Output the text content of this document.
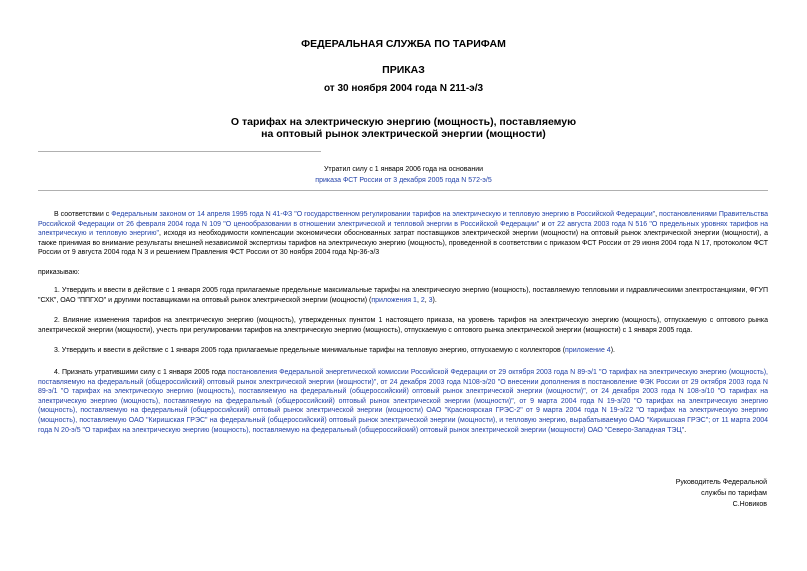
ФЕДЕРАЛЬНАЯ СЛУЖБА ПО ТАРИФАМ
ПРИКАЗ
от 30 ноября 2004 года N 211-э/3
О тарифах на электрическую энергию (мощность), поставляемую
на оптовый рынок электрической энергии (мощности)
Утратил силу с 1 января 2006 года на основании
приказа ФСТ России от 3 декабря 2005 года N 572-э/5
В соответствии с Федеральным законом от 14 апреля 1995 года N 41-ФЗ "О государственном регулировании тарифов на электрическую и тепловую энергию в Российской Федерации", постановлениями Правительства Российской Федерации от 26 февраля 2004 года N 109 "О ценообразовании в отношении электрической и тепловой энергии в Российской Федерации" и от 22 августа 2003 года N 516 "О предельных уровнях тарифов на электрическую и тепловую энергию", исходя из необходимости компенсации экономически обоснованных затрат поставщиков электрической энергии (мощности) на оптовый рынок электрической энергии (мощности), а также принимая во внимание результаты внешней независимой экспертизы тарифов на электрическую энергию (мощность), проведенной в соответствии с приказом ФСТ России от 29 июня 2004 года N 17, протоколом ФСТ России от 9 августа 2004 года N 3 и решением Правления ФСТ России от 30 ноября 2004 года Nр-36-э/3
приказываю:
1. Утвердить и ввести в действие с 1 января 2005 года прилагаемые предельные максимальные тарифы на электрическую энергию (мощность), поставляемую тепловыми и гидравлическими электростанциями, ФГУП "СХК", ОАО "ППГХО" и другими поставщиками на оптовый рынок электрической энергии (мощности) (приложения 1, 2, 3).
2. Влияние изменения тарифов на электрическую энергию (мощность), утвержденных пунктом 1 настоящего приказа, на уровень тарифов на электрическую энергию (мощность), отпускаемую с оптового рынка электрической энергии (мощности), учесть при регулировании тарифов на электрическую энергию (мощность), отпускаемую с оптового рынка электрической энергии (мощности) с 1 января 2005 года.
3. Утвердить и ввести в действие с 1 января 2005 года прилагаемые предельные минимальные тарифы на тепловую энергию, отпускаемую с коллекторов (приложение 4).
4. Признать утратившими силу с 1 января 2005 года постановления Федеральной энергетической комиссии Российской Федерации от 29 октября 2003 года N 89-э/1 "О тарифах на электрическую энергию (мощность), поставляемую на федеральный (общероссийский) оптовый рынок электрической энергии (мощности)", от 24 декабря 2003 года N108-э/20 "О внесении дополнения в постановление ФЭК России от 29 октября 2003 года N 89-э/1 "О тарифах на электрическую энергию (мощность), поставляемую на федеральный (общероссийский) оптовый рынок электрической энергии (мощности)", от 24 декабря 2003 года N 108-э/10 "О тарифах на электрическую энергию (мощность), поставляемую на федеральный (общероссийский) оптовый рынок электрической энергии (мощности)", от 9 марта 2004 года N 19-э/20 "О тарифах на электрическую энергию (мощность), поставляемую на федеральный (общероссийский) оптовый рынок электрической энергии (мощности) ОАО "Красноярская ГРЭС-2" от 9 марта 2004 года N 19-э/22 "О тарифах на электрическую энергию (мощность), поставляемую ОАО "Киришская ГРЭС" на федеральный (общероссийский) оптовый рынок электрической энергии (мощности), и тепловую энергию, вырабатываемую ОАО "Киришская ГРЭС"; от 11 марта 2004 года N 20-э/5 "О тарифах на электрическую энергию (мощность), поставляемую на федеральный (общероссийский) оптовый рынок электрической энергии (мощности) ОАО "Северо-Западная ТЭЦ".
Руководитель Федеральной
службы по тарифам
С.Новиков
